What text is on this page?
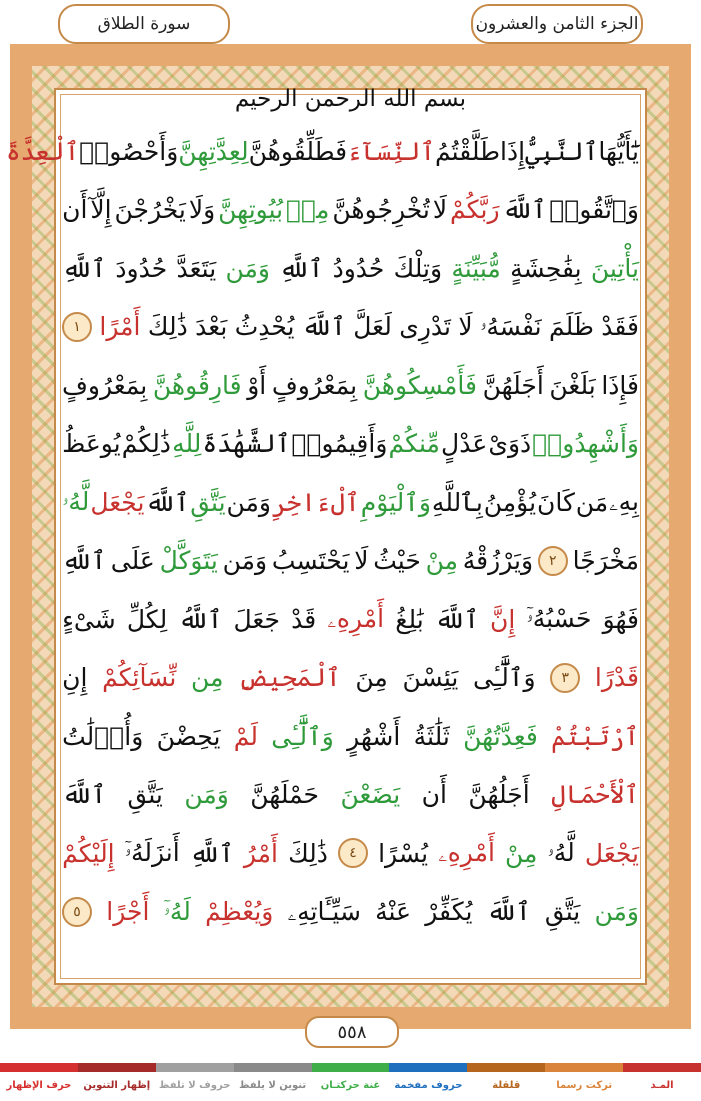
الجزء الثامن والعشرون
سورة الطلاق
بسم الله الرحمن الرحيم
يَٰٓأَيُّهَا
ٱلنَّبِيُّ
إِذَا
طَلَّقْتُمُ
ٱلنِّسَآءَ
فَطَلِّقُوهُنَّ
لِعِدَّتِهِنَّ
وَأَحْصُوا۟
ٱلْعِدَّةَ
وَٱتَّقُوا۟
ٱللَّهَ
رَبَّكُمْ
لَا
تُخْرِجُوهُنَّ
مِنۢ
بُيُوتِهِنَّ
وَلَا
يَخْرُجْنَ
إِلَّآ
أَن
يَأْتِينَ
بِفَٰحِشَةٍ
مُّبَيِّنَةٍ
وَتِلْكَ
حُدُودُ
ٱللَّهِ
وَمَن
يَتَعَدَّ
حُدُودَ
ٱللَّهِ
فَقَدْ
ظَلَمَ
نَفْسَهُۥ
لَا
تَدْرِى
لَعَلَّ
ٱللَّهَ
يُحْدِثُ
بَعْدَ
ذَٰلِكَ
أَمْرًا
١
فَإِذَا
بَلَغْنَ
أَجَلَهُنَّ
فَأَمْسِكُوهُنَّ
بِمَعْرُوفٍ
أَوْ
فَارِقُوهُنَّ
بِمَعْرُوفٍ
وَأَشْهِدُوا۟
ذَوَىْ
عَدْلٍ
مِّنكُمْ
وَأَقِيمُوا۟
ٱلشَّهَٰدَةَ
لِلَّهِ
ذَٰلِكُمْ
يُوعَظُ
بِهِۦ
مَن
كَانَ
يُؤْمِنُ
بِٱللَّهِ
وَٱلْيَوْمِ
ٱلْءَاخِرِ
وَمَن
يَتَّقِ
ٱللَّهَ
يَجْعَل
لَّهُۥ
مَخْرَجًا
٢
وَيَرْزُقْهُ
مِنْ
حَيْثُ
لَا
يَحْتَسِبُ
وَمَن
يَتَوَكَّلْ
عَلَى
ٱللَّهِ
فَهُوَ
حَسْبُهُۥٓ
إِنَّ
ٱللَّهَ
بَٰلِغُ
أَمْرِهِۦ
قَدْ
جَعَلَ
ٱللَّهُ
لِكُلِّ
شَىْءٍ
قَدْرًا
٣
وَٱلَّٰٓـِٔى
يَئِسْنَ
مِنَ
ٱلْمَحِيضِ
مِن
نِّسَآئِكُمْ
إِنِ
ٱرْتَبْتُمْ
فَعِدَّتُهُنَّ
ثَلَٰثَةُ
أَشْهُرٍ
وَٱلَّٰٓـِٔى
لَمْ
يَحِضْنَ
وَأُو۟لَٰتُ
ٱلْأَحْمَالِ
أَجَلُهُنَّ
أَن
يَضَعْنَ
حَمْلَهُنَّ
وَمَن
يَتَّقِ
ٱللَّهَ
يَجْعَل
لَّهُۥ
مِنْ
أَمْرِهِۦ
يُسْرًا
٤
ذَٰلِكَ
أَمْرُ
ٱللَّهِ
أَنزَلَهُۥٓ
إِلَيْكُمْ
وَمَن
يَتَّقِ
ٱللَّهَ
يُكَفِّرْ
عَنْهُ
سَيِّـَٔاتِهِۦ
وَيُعْظِمْ
لَهُۥٓ
أَجْرًا
٥
٥٥٨
المـد
تركت رسما
قلقلة
حروف مفخمة
غنة حركتـان
تنوين لا يلفظ
حروف لا تلفظ
إظهار التنوين
حرف الإظهار
